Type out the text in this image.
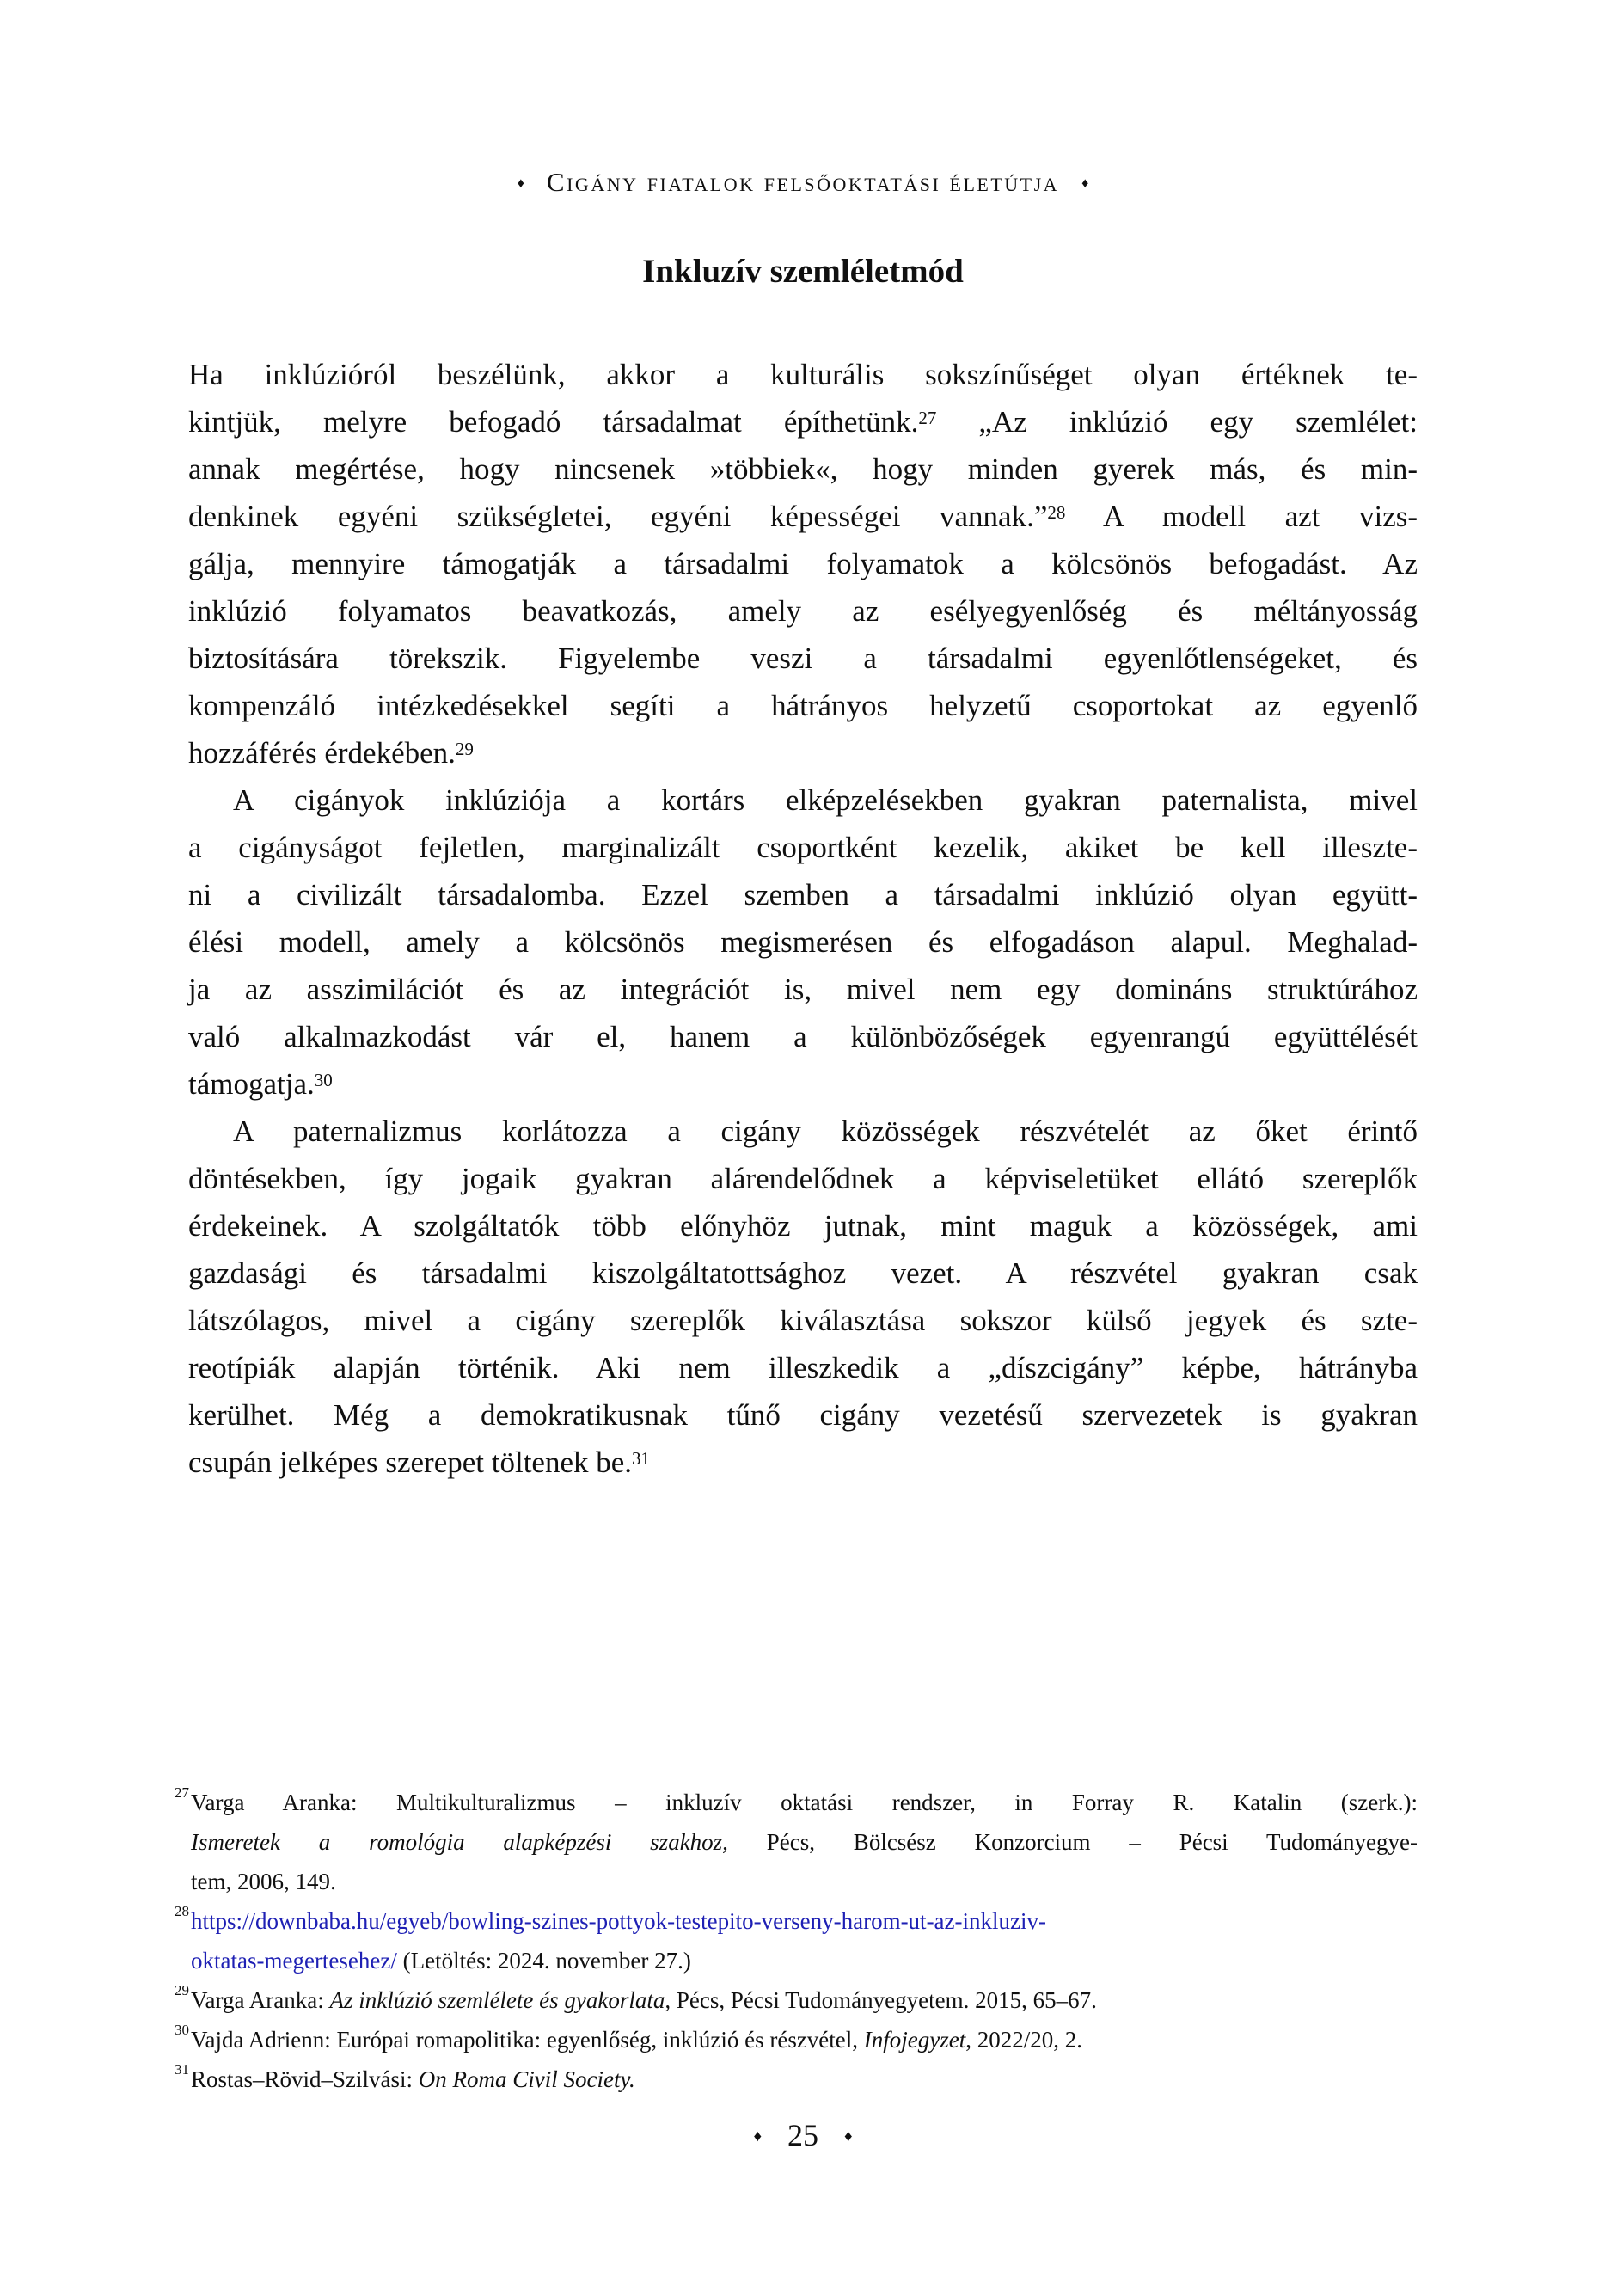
♦ Cigány fiatalok felsőoktatási életútja ♦
Inkluzív szemléletmód
Ha inklúzióról beszélünk, akkor a kulturális sokszínűséget olyan értéknek te-
kintjük, melyre befogadó társadalmat építhetünk.$^{27}$ „Az inklúzió egy szemlélet:
annak megértése, hogy nincsenek »többiek«, hogy minden gyerek más, és min-
denkinek egyéni szükségletei, egyéni képességei vannak.”$^{28}$ A modell azt vizs-
gálja, mennyire támogatják a társadalmi folyamatok a kölcsönös befogadást. Az
inklúzió folyamatos beavatkozás, amely az esélyegyenlőség és méltányosság
biztosítására törekszik. Figyelembe veszi a társadalmi egyenlőtlenségeket, és
kompenzáló intézkedésekkel segíti a hátrányos helyzetű csoportokat az egyenlő
hozzáférés érdekében.$^{29}$
A cigányok inklúziója a kortárs elképzelésekben gyakran paternalista, mivel
a cigányságot fejletlen, marginalizált csoportként kezelik, akiket be kell illeszte-
ni a civilizált társadalomba. Ezzel szemben a társadalmi inklúzió olyan együtt-
élési modell, amely a kölcsönös megismerésen és elfogadáson alapul. Meghalad-
ja az asszimilációt és az integrációt is, mivel nem egy domináns struktúrához
való alkalmazkodást vár el, hanem a különbözőségek egyenrangú együttélését
támogatja.$^{30}$
A paternalizmus korlátozza a cigány közösségek részvételét az őket érintő
döntésekben, így jogaik gyakran alárendelődnek a képviseletüket ellátó szereplők
érdekeinek. A szolgáltatók több előnyhöz jutnak, mint maguk a közösségek, ami
gazdasági és társadalmi kiszolgáltatottsághoz vezet. A részvétel gyakran csak
látszólagos, mivel a cigány szereplők kiválasztása sokszor külső jegyek és szte-
reotípiák alapján történik. Aki nem illeszkedik a „díszcigány” képbe, hátrányba
kerülhet. Még a demokratikusnak tűnő cigány vezetésű szervezetek is gyakran
csupán jelképes szerepet töltenek be.$^{31}$
27 Varga Aranka: Multikulturalizmus – inkluzív oktatási rendszer, in Forray R. Katalin (szerk.):
Ismeretek a romológia alapképzési szakhoz, Pécs, Bölcsész Konzorcium – Pécsi Tudományegye-
tem, 2006, 149.
28 https://downbaba.hu/egyeb/bowling-szines-pottyok-testepito-verseny-harom-ut-az-inkluziv-
oktatas-megertesehez/ (Letöltés: 2024. november 27.)
29 Varga Aranka: Az inklúzió szemlélete és gyakorlata, Pécs, Pécsi Tudományegyetem. 2015, 65–67.
30 Vajda Adrienn: Európai romapolitika: egyenlőség, inklúzió és részvétel, Infojegyzet, 2022/20, 2.
31 Rostas–Rövid–Szilvási: On Roma Civil Society.
♦ 25 ♦
